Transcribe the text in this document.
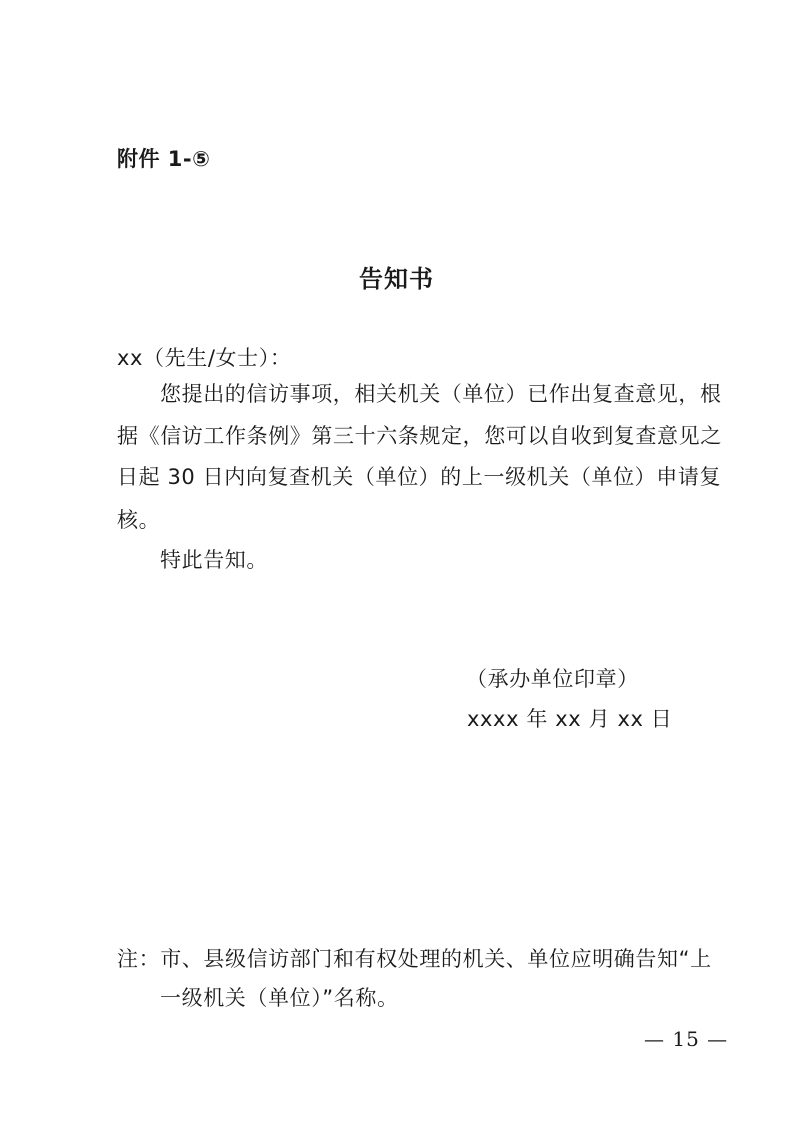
附件 1-⑤
告知书
xx（先生/女士）：
您提出的信访事项，相关机关（单位）已作出复查意见，根
据《信访工作条例》第三十六条规定，您可以自收到复查意见之
日起 30 日内向复查机关（单位）的上一级机关（单位）申请复
核。
特此告知。
（承办单位印章）
xxxx 年 xx 月 xx 日
注：市、县级信访部门和有权处理的机关、单位应明确告知“上
一级机关（单位）”名称。
— 15 —
